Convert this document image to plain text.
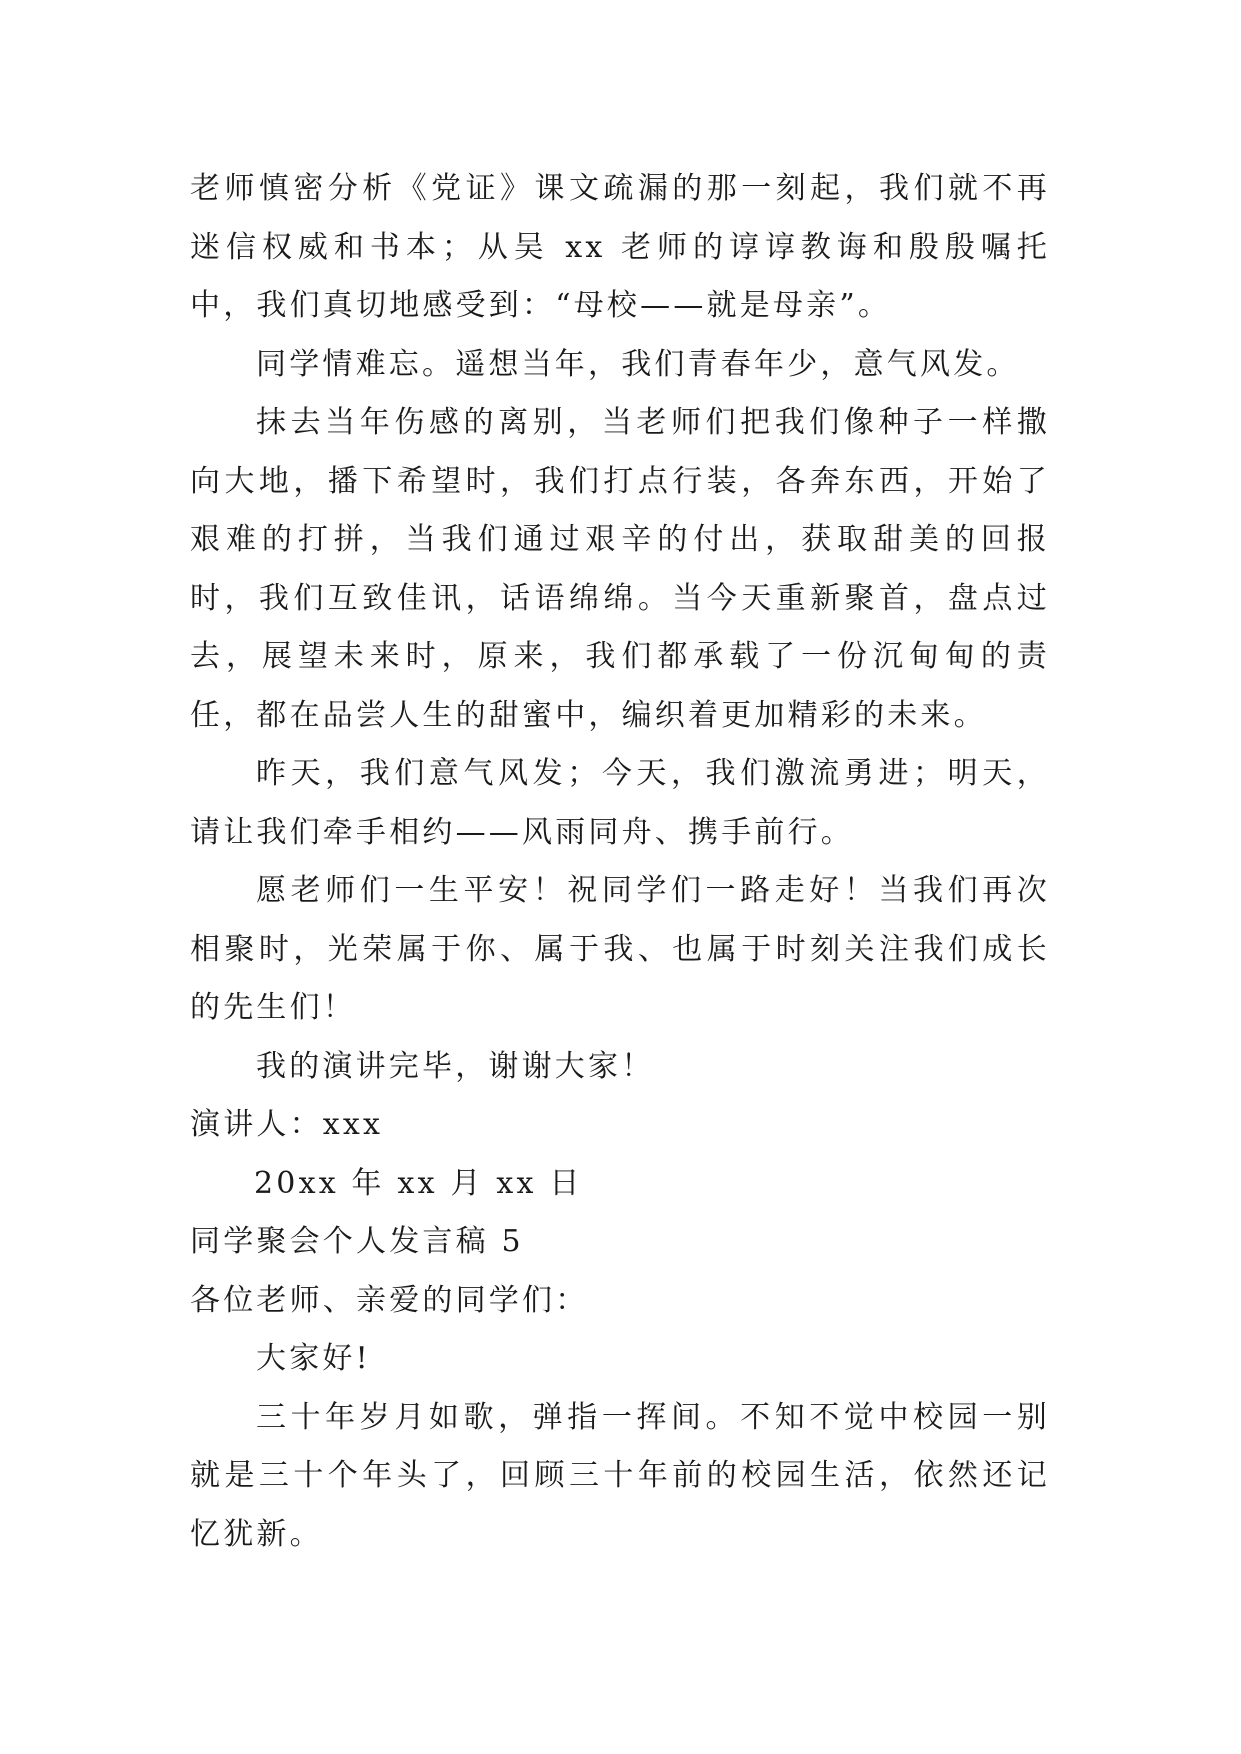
老师慎密分析《党证》课文疏漏的那一刻起，我们就不再迷信权威和书本；从吴 xx 老师的谆谆教诲和殷殷嘱托中，我们真切地感受到：“母校——就是母亲”。

同学情难忘。遥想当年，我们青春年少，意气风发。

抹去当年伤感的离别，当老师们把我们像种子一样撒向大地，播下希望时，我们打点行装，各奔东西，开始了艰难的打拼，当我们通过艰辛的付出，获取甜美的回报时，我们互致佳讯，话语绵绵。当今天重新聚首，盘点过去，展望未来时，原来，我们都承载了一份沉甸甸的责任，都在品尝人生的甜蜜中，编织着更加精彩的未来。

昨天，我们意气风发；今天，我们激流勇进；明天，请让我们牵手相约——风雨同舟、携手前行。

愿老师们一生平安！祝同学们一路走好！当我们再次相聚时，光荣属于你、属于我、也属于时刻关注我们成长的先生们！

我的演讲完毕，谢谢大家！

演讲人：xxx

20xx 年 xx 月 xx 日

同学聚会个人发言稿 5

各位老师、亲爱的同学们：

大家好!

三十年岁月如歌，弹指一挥间。不知不觉中校园一别就是三十个年头了，回顾三十年前的校园生活，依然还记忆犹新。
